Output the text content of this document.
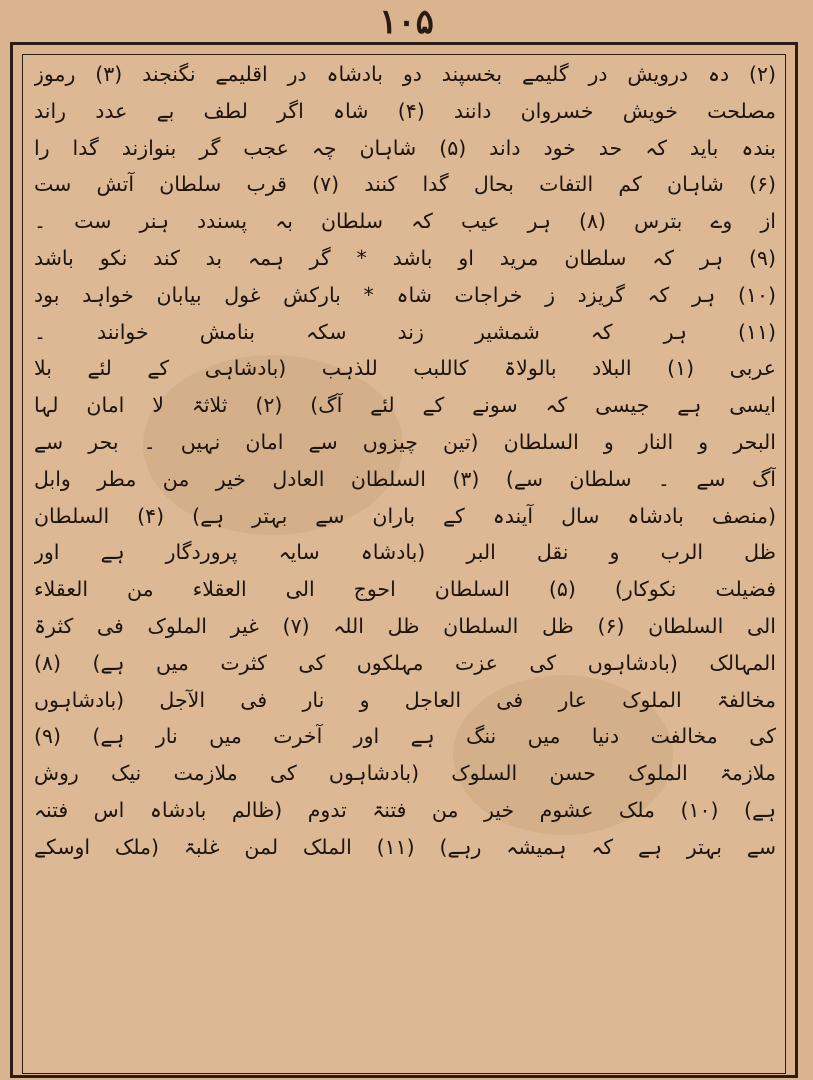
۱۰۵
(۲) دہ درویش در گلیمے بخسپند دو بادشاہ در اقلیمے نگنجند (۳) رموز
مصلحت خویش خسروان دانند (۴) شاہ اگر لطف بے عدد راند
بندہ باید کہ حد خود داند (۵) شاہان چہ عجب گر بنوازند گدا را
(۶) شاہان کم التفات بحال گدا کنند (۷) قرب سلطان آتش ست
از وے بترس (۸) ہر عیب کہ سلطان بہ پسندد ہنر ست ۔
(۹) ہر کہ سلطان مرید او باشد * گر ہمہ بد کند نکو باشد
(۱۰) ہر کہ گریزد ز خراجات شاہ * بارکش غول بیابان خواہد بود
(۱۱) ہر کہ شمشیر زند سکہ بنامش خوانند ۔
عربی (۱) البلاد بالولاۃ کاللبب للذہب (بادشاہی کے لئے بلا
ایسی ہے جیسی کہ سونے کے لئے آگ) (۲) ثلاثۃ لا امان لہا
البحر و النار و السلطان (تین چیزوں سے امان نہیں ۔ بحر سے
آگ سے ۔ سلطان سے) (۳) السلطان العادل خیر من مطر وابل
(منصف بادشاہ سال آیندہ کے باران سے بہتر ہے) (۴) السلطان
ظل الرب و نقل البر (بادشاہ سایہ پروردگار ہے اور
فضیلت نکوکار) (۵) السلطان احوج الی العقلاء من العقلاء
الی السلطان (۶) ظل السلطان ظل اللہ (۷) غیر الملوک فی کثرۃ
المہالک (بادشاہوں کی عزت مہلکوں کی کثرت میں ہے) (۸)
مخالفۃ الملوک عار فی العاجل و نار فی الآجل (بادشاہوں
کی مخالفت دنیا میں ننگ ہے اور آخرت میں نار ہے) (۹)
ملازمۃ الملوک حسن السلوک (بادشاہوں کی ملازمت نیک روش
ہے) (۱۰) ملک عشوم خیر من فتنۃ تدوم (ظالم بادشاہ اس فتنہ
سے بہتر ہے کہ ہمیشہ رہے) (۱۱) الملک لمن غلبۃ (ملک اوسکے
